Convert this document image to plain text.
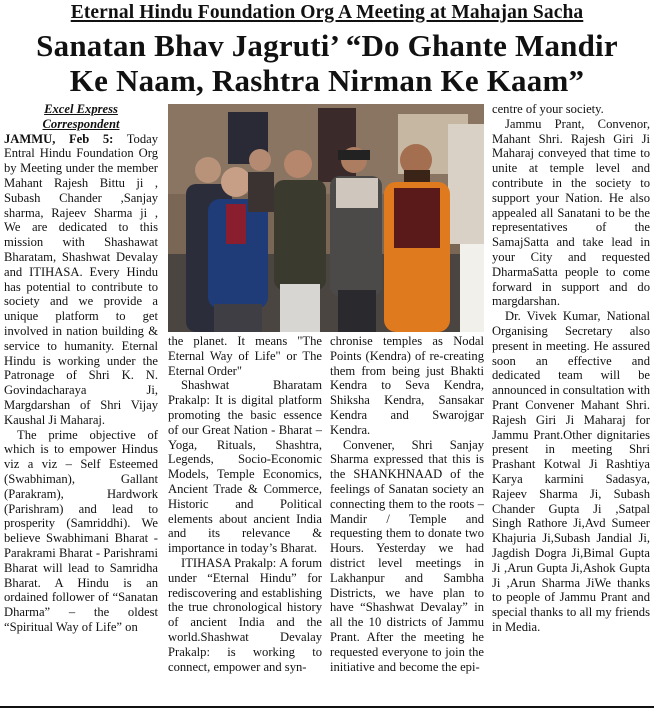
Eternal Hindu Foundation Org A Meeting at Mahajan Sacha
Sanatan Bhav Jagruti’ “Do Ghante Mandir
Ke Naam, Rashtra Nirman Ke Kaam”
Excel Express
Correspondent

JAMMU, Feb 5: Today Entral Hindu Foundation Org by Meeting under the member Mahant Rajesh Bittu ji , Subash Chander ,Sanjay sharma, Rajeev Sharma ji , We are dedicated to this mission with Shashawat Bharatam, Shashwat Devalay and ITIHASA. Every Hindu has potential to contribute to society and we provide a unique platform to get involved in nation building & service to humanity. Eternal Hindu is working under the Patronage of Shri K. N. Govindacharaya Ji, Margdarshan of Shri Vijay Kaushal Ji Maharaj.

The prime objective of which is to empower Hindus viz a viz – Self Esteemed (Swabhiman), Gallant (Parakram), Hardwork (Parishram) and lead to prosperity (Samriddhi). We believe Swabhimani Bharat - Parakrami Bharat - Parishrami Bharat will lead to Samridha Bharat. A Hindu is an ordained follower of “Sanatan Dharma” – the oldest “Spiritual Way of Life” on

the planet. It means "The Eternal Way of Life" or The Eternal Order"

Shashwat Bharatam Prakalp: It is digital platform promoting the basic essence of our Great Nation - Bharat – Yoga, Rituals, Shashtra, Legends, Socio-Economic Models, Temple Economics, Ancient Trade & Commerce, Historic and Political elements about ancient India and its relevance & importance in today’s Bharat.

ITIHASA Prakalp: A forum under “Eternal Hindu” for rediscovering and establishing the true chronological history of ancient India and the world.Shashwat Devalay Prakalp: is working to connect, empower and syn-

chronise temples as Nodal Points (Kendra) of re-creating them from being just Bhakti Kendra to Seva Kendra, Shiksha Kendra, Sansakar Kendra and Swarojgar Kendra.

Convener, Shri Sanjay Sharma expressed that this is the SHANKHNAAD of the feelings of Sanatan society an connecting them to the roots – Mandir / Temple and requesting them to donate two Hours. Yesterday we had district level meetings in Lakhanpur and Sambha Districts, we have plan to have “Shashwat Devalay” in all the 10 districts of Jammu Prant. After the meeting he requested everyone to join the initiative and become the epi-

centre of your society.

Jammu Prant, Convenor, Mahant Shri. Rajesh Giri Ji Maharaj conveyed that time to unite at temple level and contribute in the society to support your Nation. He also appealed all Sanatani to be the representatives of the SamajSatta and take lead in your City and requested DharmaSatta people to come forward in support and do margdarshan.

Dr. Vivek Kumar, National Organising Secretary also present in meeting. He assured soon an effective and dedicated team will be announced in consultation with Prant Convener Mahant Shri. Rajesh Giri Ji Maharaj for Jammu Prant.Other dignitaries present in meeting Shri Prashant Kotwal Ji Rashtiya Karya karmini Sadasya, Rajeev Sharma Ji, Subash Chander Gupta Ji ,Satpal Singh Rathore Ji,Avd Sumeer Khajuria Ji,Subash Jandial Ji, Jagdish Dogra Ji,Bimal Gupta Ji ,Arun Gupta Ji,Ashok Gupta Ji ,Arun Sharma JiWe thanks to people of Jammu Prant and special thanks to all my friends in Media.
